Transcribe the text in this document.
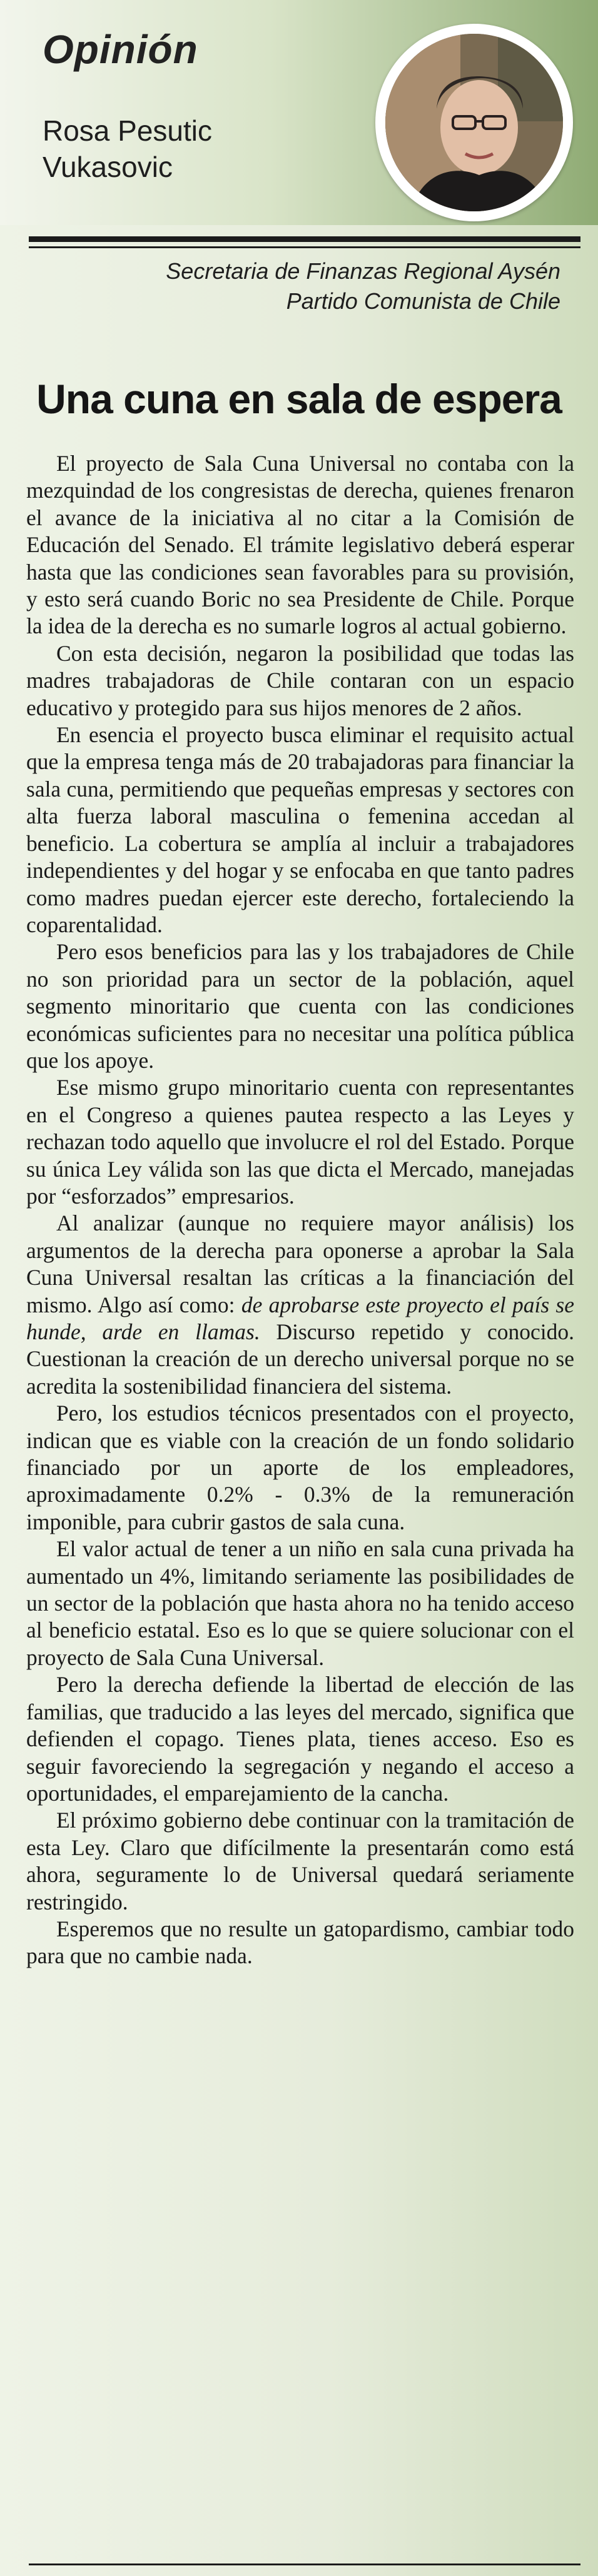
Opinión
Rosa Pesutic
Vukasovic
Secretaria de Finanzas Regional Aysén
Partido Comunista de Chile
Una cuna en sala de espera

El proyecto de Sala Cuna Universal no contaba con la mezquindad de los congresistas de derecha, quienes frenaron el avance de la iniciativa al no citar a la Comisión de Educación del Senado. El trámite legislativo deberá esperar hasta que las condiciones sean favorables para su provisión, y esto será cuando Boric no sea Presidente de Chile. Porque la idea de la derecha es no sumarle logros al actual gobierno.

Con esta decisión, negaron la posibilidad que todas las madres trabajadoras de Chile contaran con un espacio educativo y protegido para sus hijos menores de 2 años.

En esencia el proyecto busca eliminar el requisito actual que la empresa tenga más de 20 trabajadoras para financiar la sala cuna, permitiendo que pequeñas empresas y sectores con alta fuerza laboral masculina o femenina accedan al beneficio. La cobertura se amplía al incluir a trabajadores independientes y del hogar y se enfocaba en que tanto padres como madres puedan ejercer este derecho, fortaleciendo la coparentalidad.

Pero esos beneficios para las y los trabajadores de Chile no son prioridad para un sector de la población, aquel segmento minoritario que cuenta con las condiciones económicas suficientes para no necesitar una política pública que los apoye.

Ese mismo grupo minoritario cuenta con representantes en el Congreso a quienes pautea respecto a las Leyes y rechazan todo aquello que involucre el rol del Estado. Porque su única Ley válida son las que dicta el Mercado, manejadas por “esforzados” empresarios.

Al analizar (aunque no requiere mayor análisis) los argumentos de la derecha para oponerse a aprobar la Sala Cuna Universal resaltan las críticas a la financiación del mismo. Algo así como: de aprobarse este proyecto el país se hunde, arde en llamas. Discurso repetido y conocido. Cuestionan la creación de un derecho universal porque no se acredita la sostenibilidad financiera del sistema.

Pero, los estudios técnicos presentados con el proyecto, indican que es viable con la creación de un fondo solidario financiado por un aporte de los empleadores, aproximadamente 0.2% - 0.3% de la remuneración imponible, para cubrir gastos de sala cuna.

El valor actual de tener a un niño en sala cuna privada ha aumentado un 4%, limitando seriamente las posibilidades de un sector de la población que hasta ahora no ha tenido acceso al beneficio estatal. Eso es lo que se quiere solucionar con el proyecto de Sala Cuna Universal.

Pero la derecha defiende la libertad de elección de las familias, que traducido a las leyes del mercado, significa que defienden el copago. Tienes plata, tienes acceso. Eso es seguir favoreciendo la segregación y negando el acceso a oportunidades, el emparejamiento de la cancha.

El próximo gobierno debe continuar con la tramitación de esta Ley. Claro que difícilmente la presentarán como está ahora, seguramente lo de Universal quedará seriamente restringido.

Esperemos que no resulte un gatopardismo, cambiar todo para que no cambie nada.
